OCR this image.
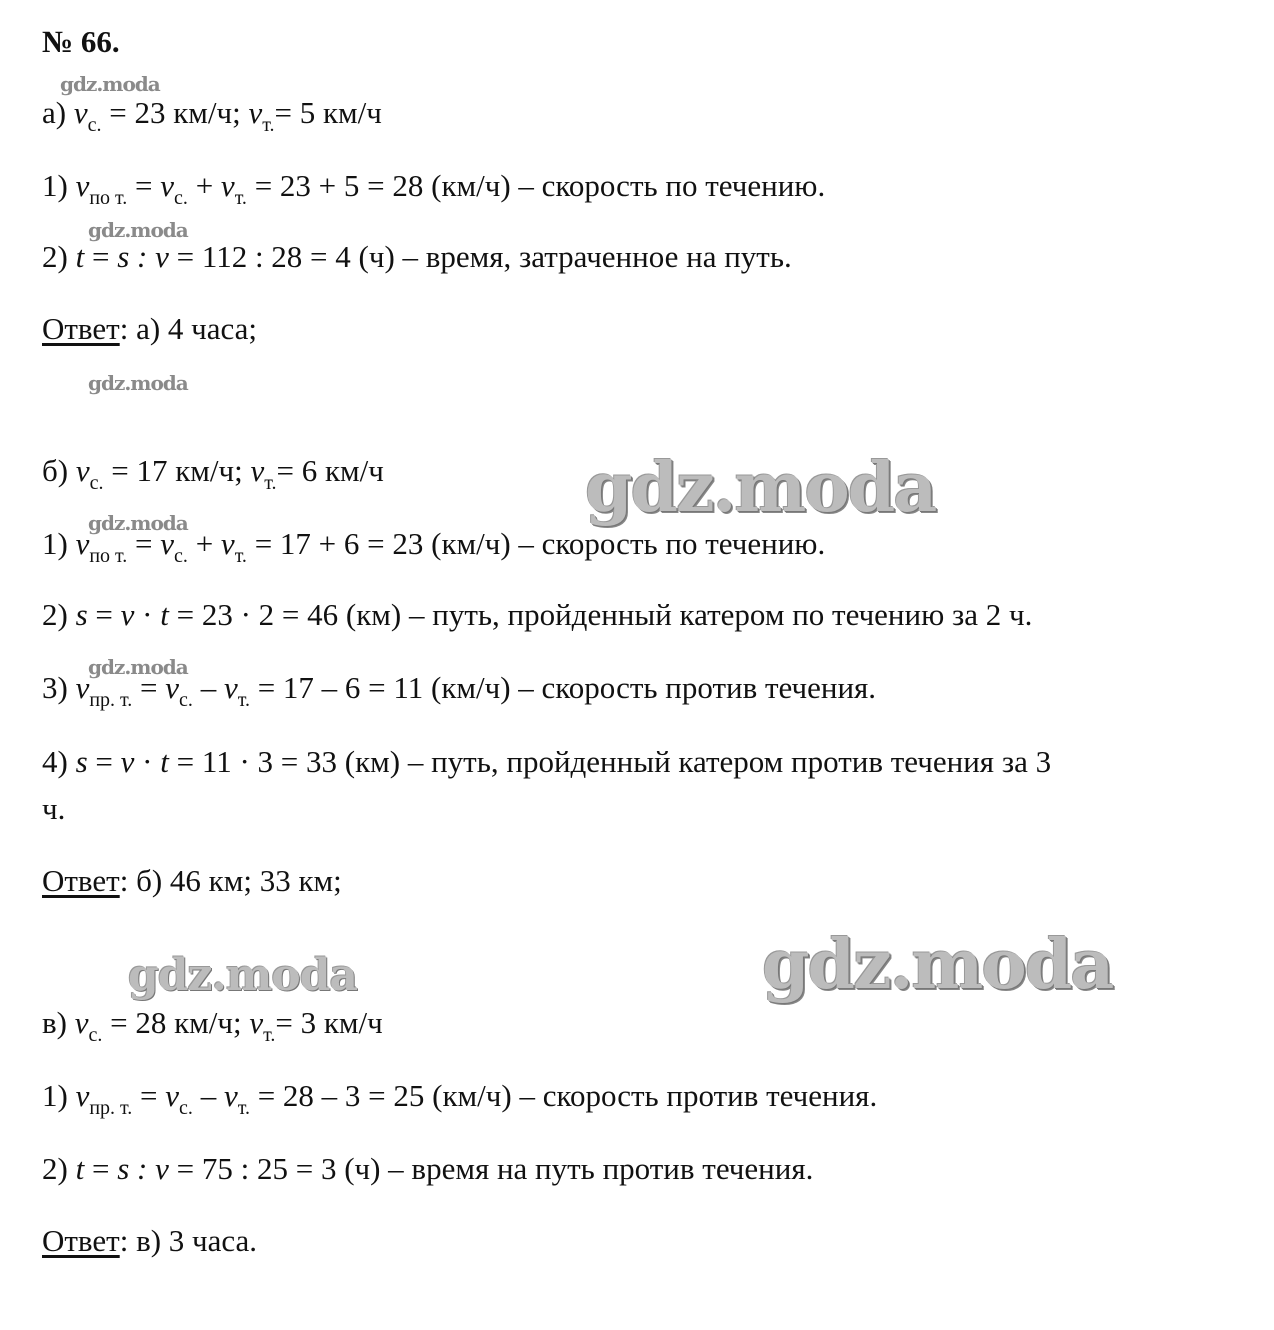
№ 66.
а) $v_{с.} = 23$ км/ч; $v_{т.}= 5$ км/ч
1) $v_{по т.} = v_{с.} + v_{т.} = 23 + 5 = 28$ (км/ч) – скорость по течению.
2) t = s : v = 112 : 28 = 4 (ч) – время, затраченное на путь.
Ответ: а) 4 часа;
б) $v_{с.} = 17$ км/ч; $v_{т.}= 6$ км/ч
1) $v_{по т.} = v_{с.} + v_{т.} = 17 + 6 = 23$ (км/ч) – скорость по течению.
2) s = v · t = 23 · 2 = 46 (км) – путь, пройденный катером по течению за 2 ч.
3) $v_{пр. т.} = v_{с.} - v_{т.} = 17 - 6 = 11$ (км/ч) – скорость против течения.
4) s = v · t = 11 · 3 = 33 (км) – путь, пройденный катером против течения за 3
ч.
Ответ: б) 46 км; 33 км;
в) $v_{с.} = 28$ км/ч; $v_{т.}= 3$ км/ч
1) $v_{пр. т.} = v_{с.} - v_{т.} = 28 - 3 = 25$ (км/ч) – скорость против течения.
2) t = s : v = 75 : 25 = 3 (ч) – время на путь против течения.
Ответ: в) 3 часа.
gdz.moda
gdz.moda
gdz.moda
gdz.moda
gdz.moda
gdz.moda
gdz.moda
gdz.moda
